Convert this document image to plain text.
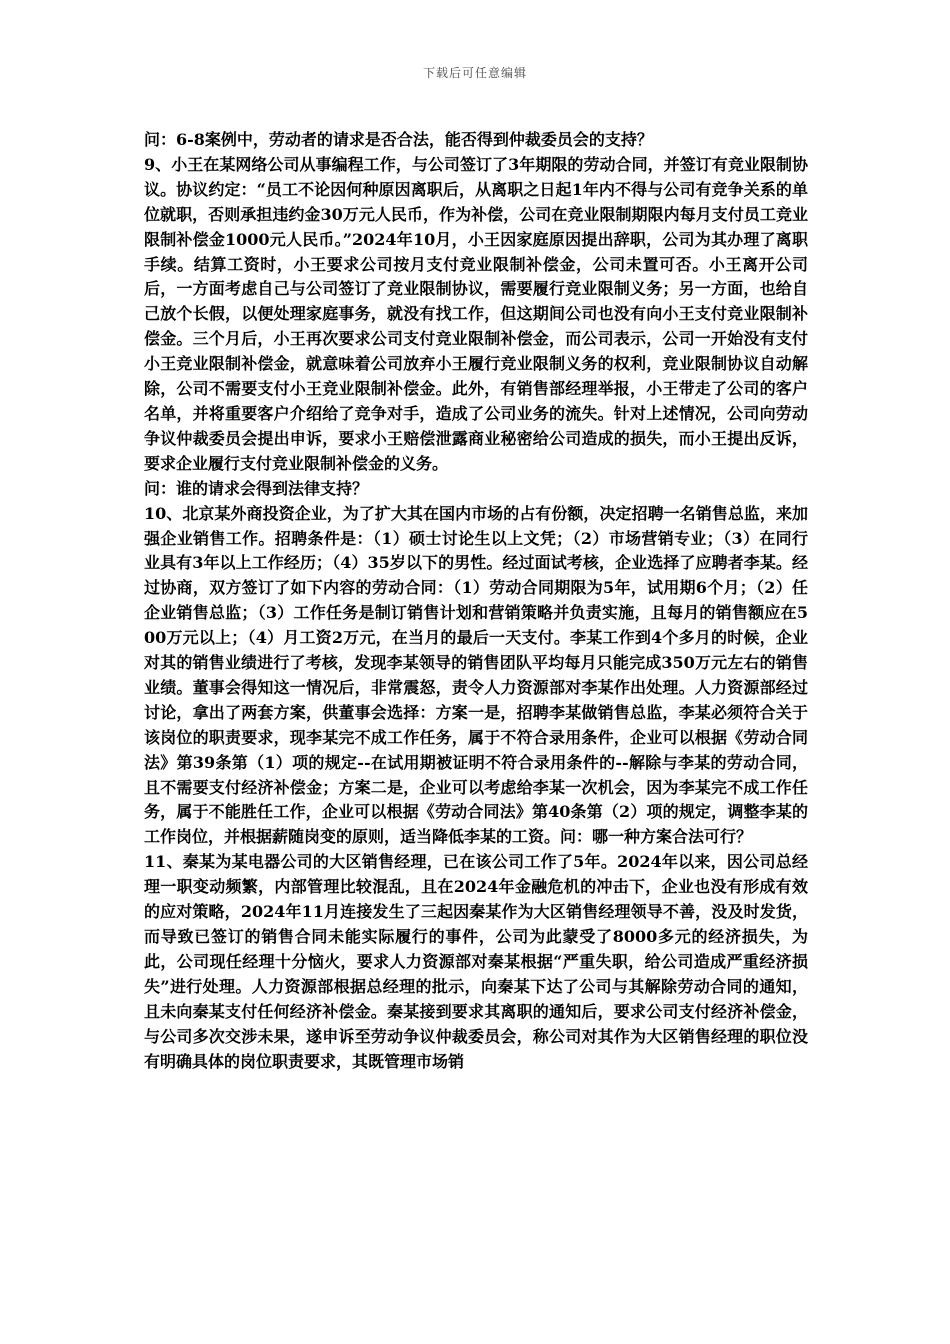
下载后可任意编辑

问：6-8案例中，劳动者的请求是否合法，能否得到仲裁委员会的支持？

9、小王在某网络公司从事编程工作，与公司签订了3年期限的劳动合同，并签订有竞业限制协议。协议约定：“员工不论因何种原因离职后，从离职之日起1年内不得与公司有竞争关系的单位就职，否则承担违约金30万元人民币，作为补偿，公司在竞业限制期限内每月支付员工竞业限制补偿金1000元人民币。”2024年10月，小王因家庭原因提出辞职，公司为其办理了离职手续。结算工资时，小王要求公司按月支付竞业限制补偿金，公司未置可否。小王离开公司后，一方面考虑自己与公司签订了竞业限制协议，需要履行竞业限制义务；另一方面，也给自己放个长假，以便处理家庭事务，就没有找工作，但这期间公司也没有向小王支付竞业限制补偿金。三个月后，小王再次要求公司支付竞业限制补偿金，而公司表示，公司一开始没有支付小王竞业限制补偿金，就意味着公司放弃小王履行竞业限制义务的权利，竞业限制协议自动解除，公司不需要支付小王竞业限制补偿金。此外，有销售部经理举报，小王带走了公司的客户名单，并将重要客户介绍给了竞争对手，造成了公司业务的流失。针对上述情况，公司向劳动争议仲裁委员会提出申诉，要求小王赔偿泄露商业秘密给公司造成的损失，而小王提出反诉，要求企业履行支付竞业限制补偿金的义务。

问：谁的请求会得到法律支持？

10、北京某外商投资企业，为了扩大其在国内市场的占有份额，决定招聘一名销售总监，来加强企业销售工作。招聘条件是：（1）硕士讨论生以上文凭；（2）市场营销专业；（3）在同行业具有3年以上工作经历；（4）35岁以下的男性。经过面试考核，企业选择了应聘者李某。经过协商，双方签订了如下内容的劳动合同：（1）劳动合同期限为5年，试用期6个月；（2）任企业销售总监；（3）工作任务是制订销售计划和营销策略并负责实施，且每月的销售额应在500万元以上；（4）月工资2万元，在当月的最后一天支付。李某工作到4个多月的时候，企业对其的销售业绩进行了考核，发现李某领导的销售团队平均每月只能完成350万元左右的销售业绩。董事会得知这一情况后，非常震怒，责令人力资源部对李某作出处理。人力资源部经过讨论，拿出了两套方案，供董事会选择：方案一是，招聘李某做销售总监，李某必须符合关于该岗位的职责要求，现李某完不成工作任务，属于不符合录用条件，企业可以根据《劳动合同法》第39条第（1）项的规定--在试用期被证明不符合录用条件的--解除与李某的劳动合同，且不需要支付经济补偿金；方案二是，企业可以考虑给李某一次机会，因为李某完不成工作任务，属于不能胜任工作，企业可以根据《劳动合同法》第40条第（2）项的规定，调整李某的工作岗位，并根据薪随岗变的原则，适当降低李某的工资。问：哪一种方案合法可行？

11、秦某为某电器公司的大区销售经理，已在该公司工作了5年。2024年以来，因公司总经理一职变动频繁，内部管理比较混乱，且在2024年金融危机的冲击下，企业也没有形成有效的应对策略，2024年11月连接发生了三起因秦某作为大区销售经理领导不善，没及时发货，而导致已签订的销售合同未能实际履行的事件，公司为此蒙受了8000多元的经济损失，为此，公司现任经理十分恼火，要求人力资源部对秦某根据“严重失职，给公司造成严重经济损失”进行处理。人力资源部根据总经理的批示，向秦某下达了公司与其解除劳动合同的通知，且未向秦某支付任何经济补偿金。秦某接到要求其离职的通知后，要求公司支付经济补偿金，与公司多次交涉未果，遂申诉至劳动争议仲裁委员会，称公司对其作为大区销售经理的职位没有明确具体的岗位职责要求，其既管理市场销
